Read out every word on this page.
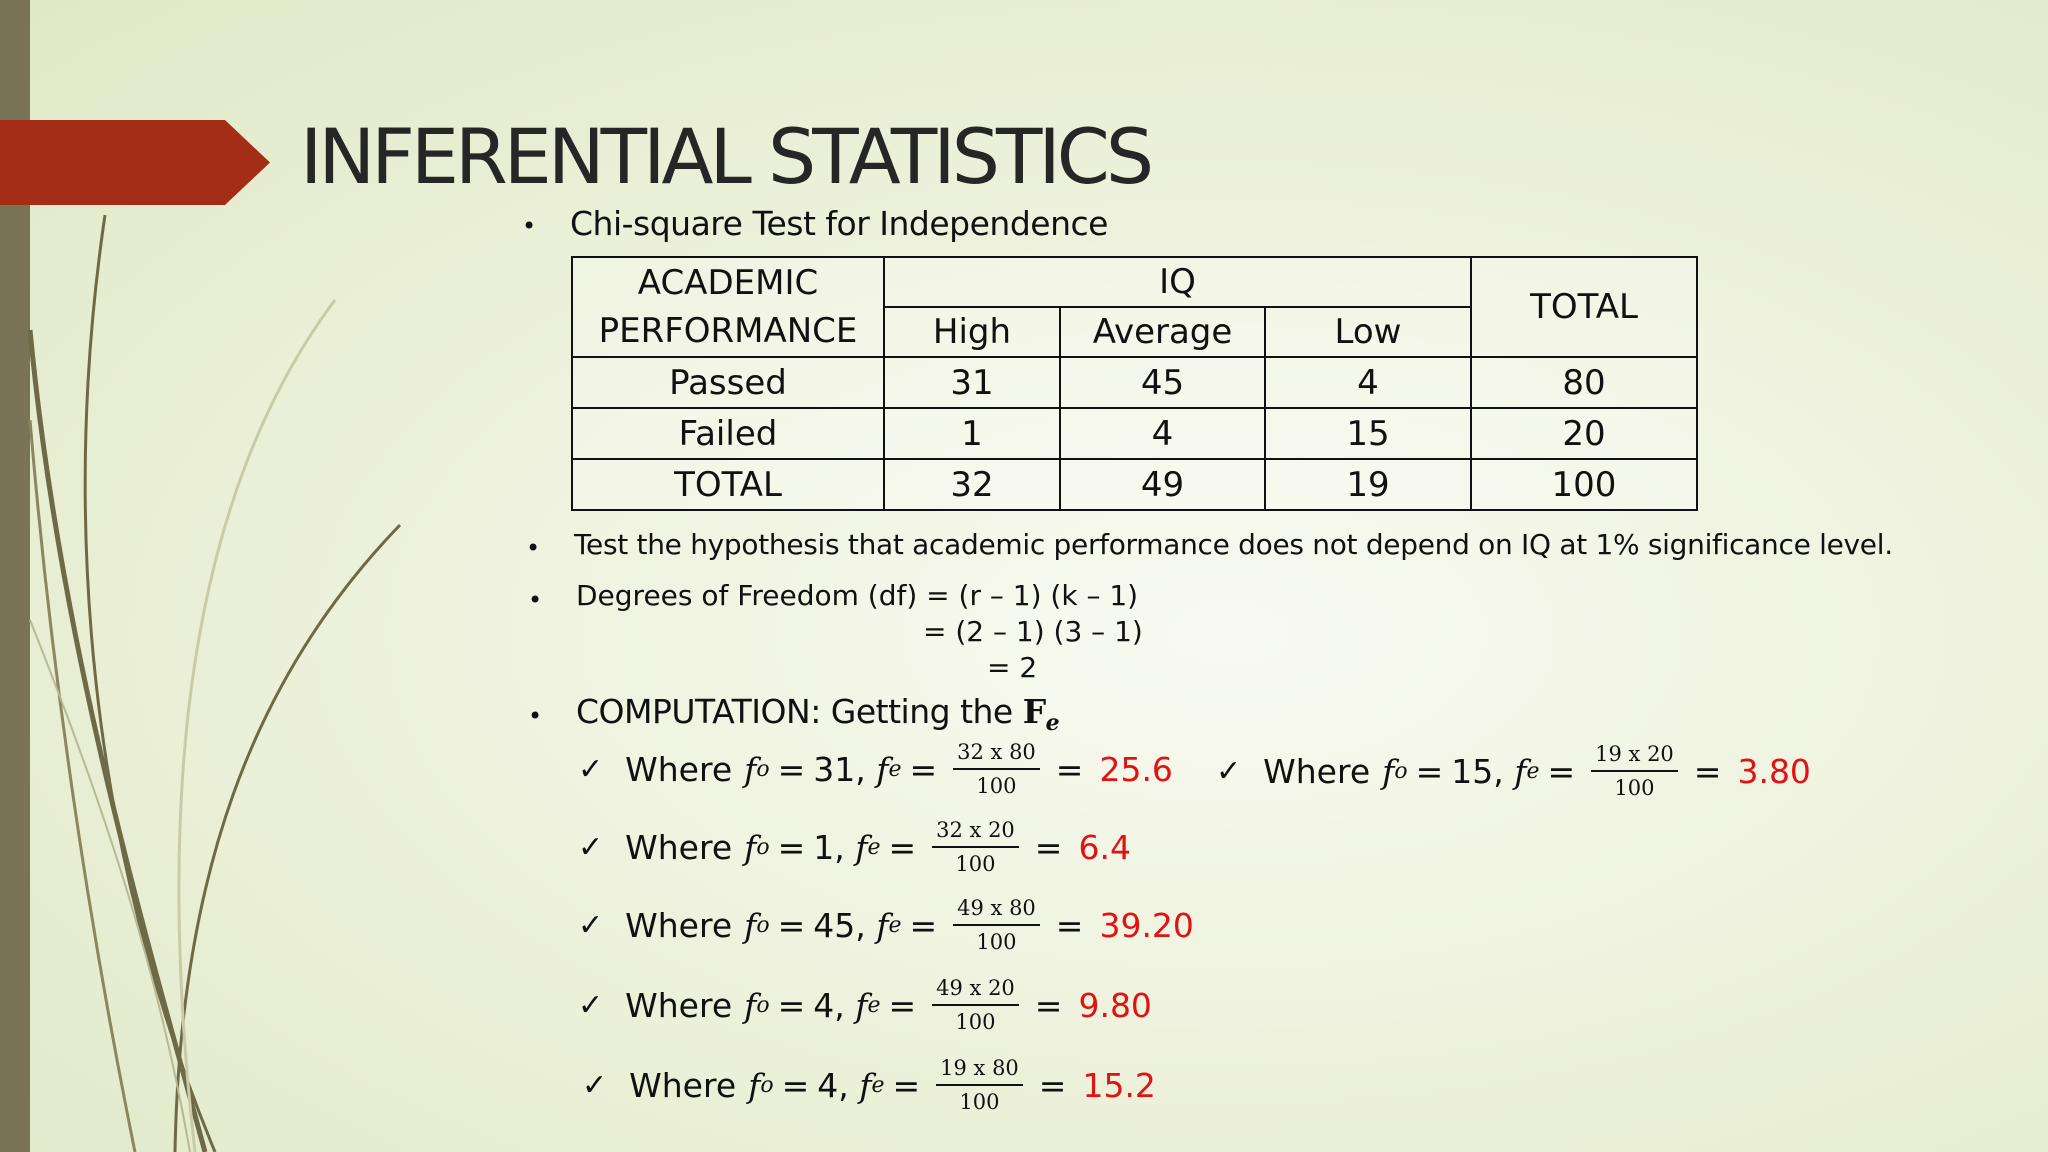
INFERENTIAL STATISTICS
• Chi-square Test for Independence
ACADEMIC
PERFORMANCE	IQ			TOTAL
	High	Average	Low	
Passed	31	45	4	80
Failed	1	4	15	20
TOTAL	32	49	19	100
• Test the hypothesis that academic performance does not depend on IQ at 1% significance level.
• Degrees of Freedom (df) = (r – 1) (k – 1)
= (2 – 1) (3 – 1)
= 2
• COMPUTATION: Getting the $F_e$
✓ Where f o = 31 , f $e = \frac{32 x 80}{100} = 25.6$
✓ Where f o = 1 , f $e = \frac{32 x 20}{100} = 6.4$
✓ Where f o = 45 , f $e = \frac{49 x 80}{100} = 39.20$
✓ Where f o = 4 , f $e = \frac{49 x 20}{100} = 9.80$
✓ Where f o = 4 , f $e = \frac{19 x 80}{100} = 15.2$
✓ Where f o = 15 , f $e = \frac{19 x 20}{100} = 3.80$
